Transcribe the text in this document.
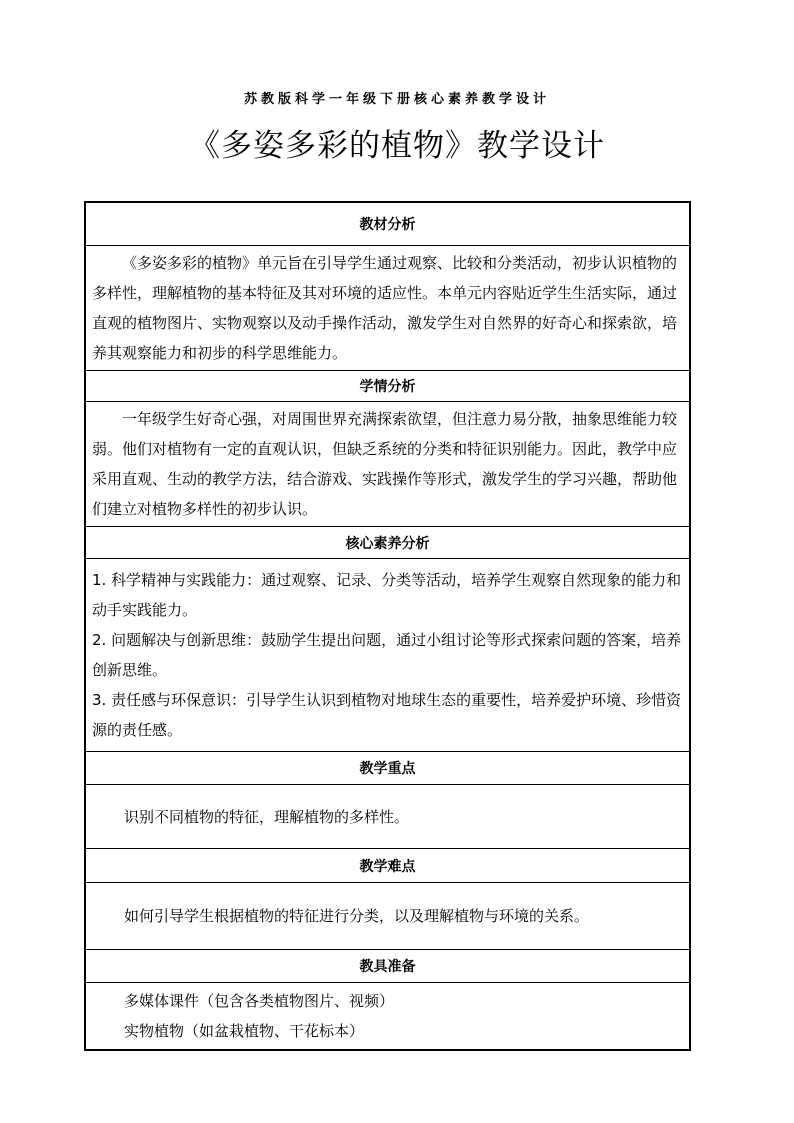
苏教版科学一年级下册核心素养教学设计
《多姿多彩的植物》教学设计
教材分析

《多姿多彩的植物》单元旨在引导学生通过观察、比较和分类活动，初步认识植物的多样性，理解植物的基本特征及其对环境的适应性。本单元内容贴近学生生活实际，通过直观的植物图片、实物观察以及动手操作活动，激发学生对自然界的好奇心和探索欲，培养其观察能力和初步的科学思维能力。

学情分析

一年级学生好奇心强，对周围世界充满探索欲望，但注意力易分散，抽象思维能力较弱。他们对植物有一定的直观认识，但缺乏系统的分类和特征识别能力。因此，教学中应采用直观、生动的教学方法，结合游戏、实践操作等形式，激发学生的学习兴趣，帮助他们建立对植物多样性的初步认识。

核心素养分析

1. 科学精神与实践能力：通过观察、记录、分类等活动，培养学生观察自然现象的能力和动手实践能力。

2. 问题解决与创新思维：鼓励学生提出问题，通过小组讨论等形式探索问题的答案，培养创新思维。

3. 责任感与环保意识：引导学生认识到植物对地球生态的重要性，培养爱护环境、珍惜资源的责任感。

教学重点

识别不同植物的特征，理解植物的多样性。

教学难点

如何引导学生根据植物的特征进行分类，以及理解植物与环境的关系。

教具准备

多媒体课件（包含各类植物图片、视频）

实物植物（如盆栽植物、干花标本）
